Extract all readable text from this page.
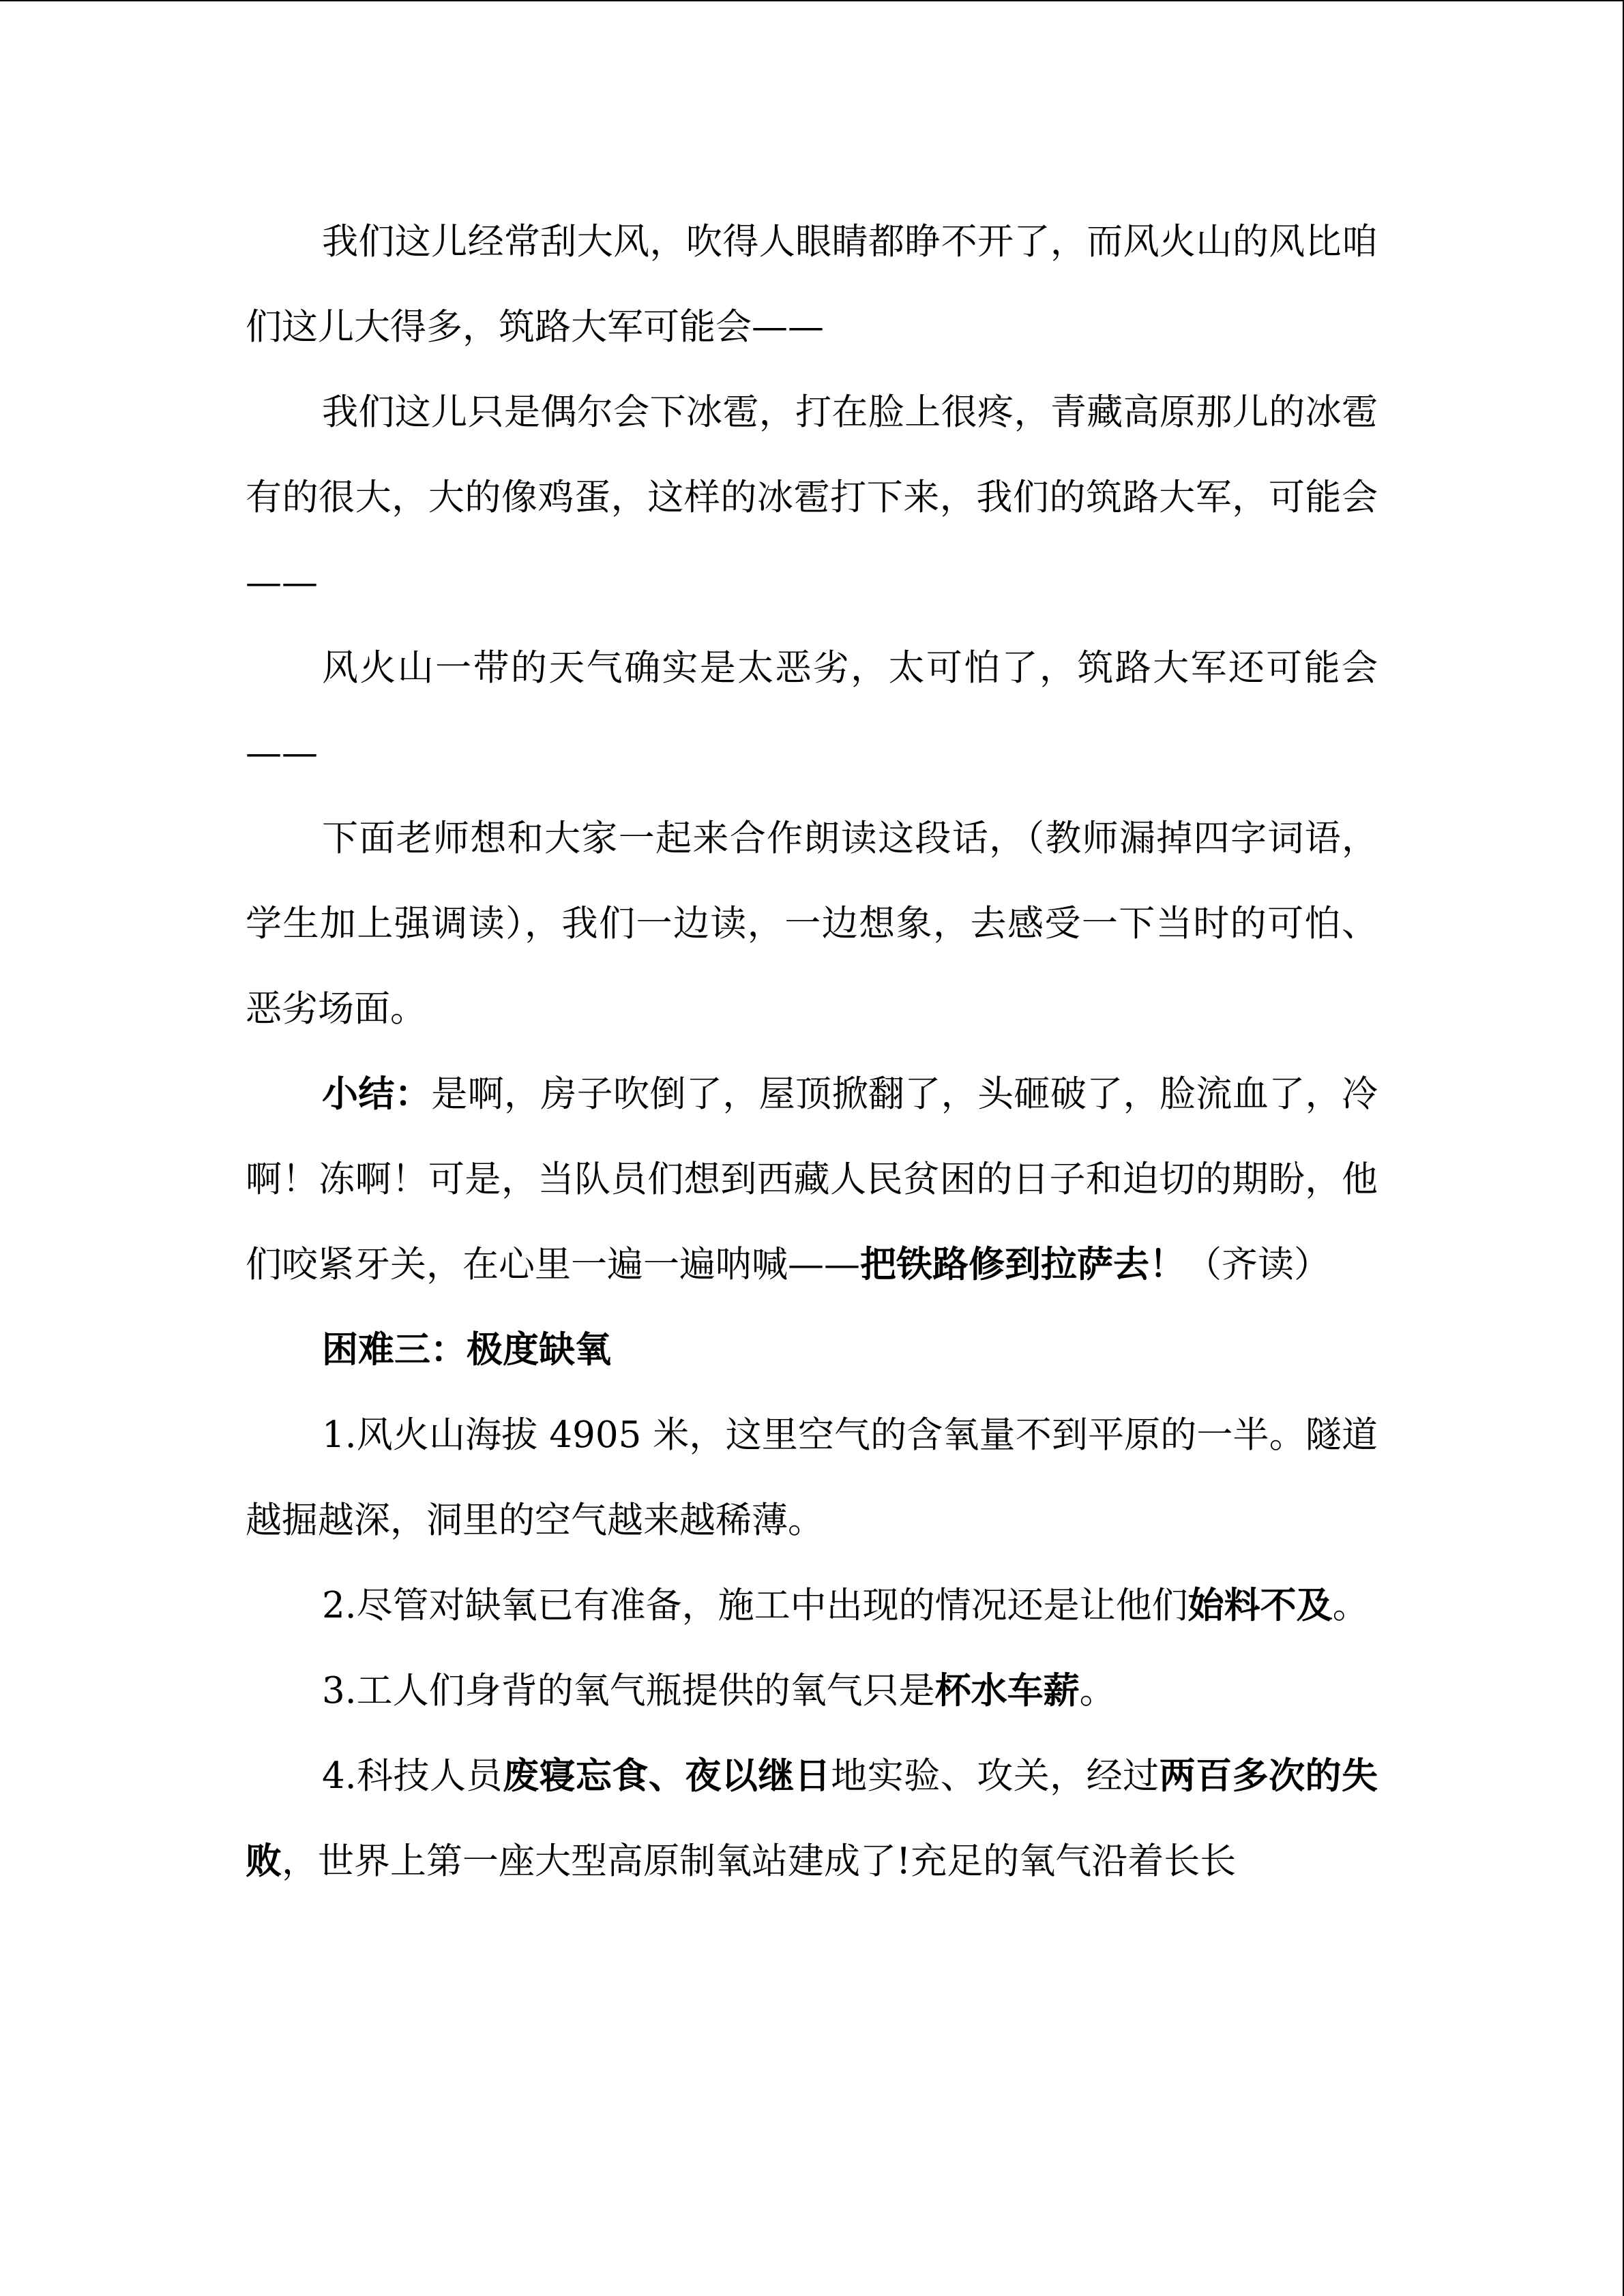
我们这儿经常刮大风，吹得人眼睛都睁不开了，而风火山的风比咱们这儿大得多，筑路大军可能会——

我们这儿只是偶尔会下冰雹，打在脸上很疼，青藏高原那儿的冰雹有的很大，大的像鸡蛋，这样的冰雹打下来，我们的筑路大军，可能会——

风火山一带的天气确实是太恶劣，太可怕了，筑路大军还可能会——

下面老师想和大家一起来合作朗读这段话，（教师漏掉四字词语，学生加上强调读），我们一边读，一边想象，去感受一下当时的可怕、恶劣场面。

小结：是啊，房子吹倒了，屋顶掀翻了，头砸破了，脸流血了，冷啊！冻啊！可是，当队员们想到西藏人民贫困的日子和迫切的期盼，他们咬紧牙关，在心里一遍一遍呐喊——把铁路修到拉萨去！（齐读）

困难三：极度缺氧

1.风火山海拔 4905 米，这里空气的含氧量不到平原的一半。隧道越掘越深，洞里的空气越来越稀薄。

2.尽管对缺氧已有准备，施工中出现的情况还是让他们始料不及。

3.工人们身背的氧气瓶提供的氧气只是杯水车薪。

4.科技人员废寝忘食、夜以继日地实验、攻关，经过两百多次的失败，世界上第一座大型高原制氧站建成了!充足的氧气沿着长长
